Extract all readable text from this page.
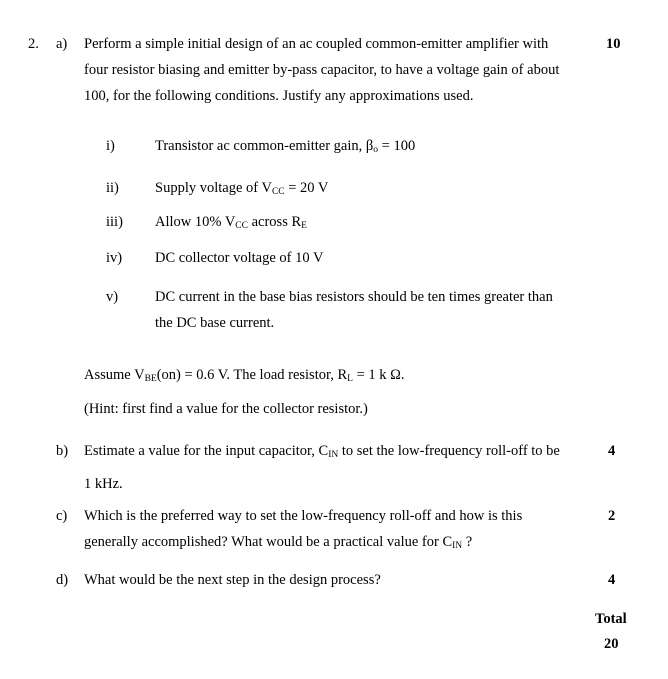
2. a) Perform a simple initial design of an ac coupled common-emitter amplifier with
four resistor biasing and emitter by-pass capacitor, to have a voltage gain of about
100, for the following conditions. Justify any approximations used.
10
i)	Transistor ac common-emitter gain, $\beta_o = 100$
ii) Supply voltage of $V_{CC} = 20$ V
iii) Allow 10% $V_{CC}$ across $R_E$
iv) DC collector voltage of 10 V
v)	DC current in the base bias resistors should be ten times greater than
the DC base current.
Assume $V_{BE}(on) = 0.6$ V. The load resistor, $R_L = 1$ k Ω.
(Hint: first find a value for the collector resistor.)
b) Estimate a value for the input capacitor, $C_{IN}$ to set the low-frequency roll-off to be
1 kHz.
4
c) Which is the preferred way to set the low-frequency roll-off and how is this
generally accomplished? What would be a practical value for $C_{IN}$ ?
2
d) What would be the next step in the design process?	4
Total
20
